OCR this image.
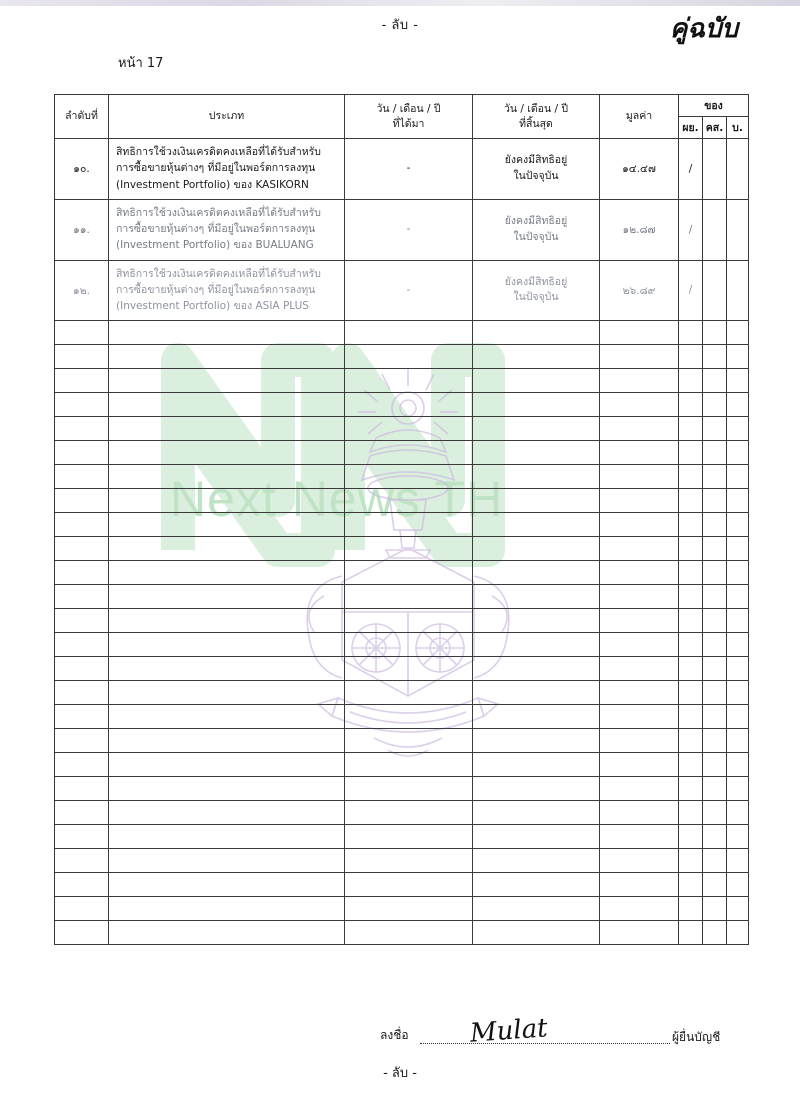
- ลับ -	คู่ฉบับ
หน้า 17
Next News TH
ลำดับที่	ประเภท	วัน / เดือน / ปี
ที่ได้มา	วัน / เดือน / ปี
ที่สิ้นสุด	มูลค่า	ของ		
					ผย.	คส.	บ.
๑๐.	สิทธิการใช้วงเงินเครดิตคงเหลือที่ได้รับสำหรับการซื้อขายหุ้นต่างๆ ที่มีอยู่ในพอร์ตการลงทุน (Investment Portfolio) ของ KASIKORN	-	ยังคงมีสิทธิอยู่
ในปัจจุบัน	๑๔.๔๗	/		
๑๑.	สิทธิการใช้วงเงินเครดิตคงเหลือที่ได้รับสำหรับการซื้อขายหุ้นต่างๆ ที่มีอยู่ในพอร์ตการลงทุน (Investment Portfolio) ของ BUALUANG	-	ยังคงมีสิทธิอยู่
ในปัจจุบัน	๑๒.๘๗	/		
๑๒.	สิทธิการใช้วงเงินเครดิตคงเหลือที่ได้รับสำหรับการซื้อขายหุ้นต่างๆ ที่มีอยู่ในพอร์ตการลงทุน (Investment Portfolio) ของ ASIA PLUS	-	ยังคงมีสิทธิอยู่
ในปัจจุบัน	๒๖.๘๙	/		

ลงชื่อ Mulat	ผู้ยื่นบัญชี
- ลับ -
